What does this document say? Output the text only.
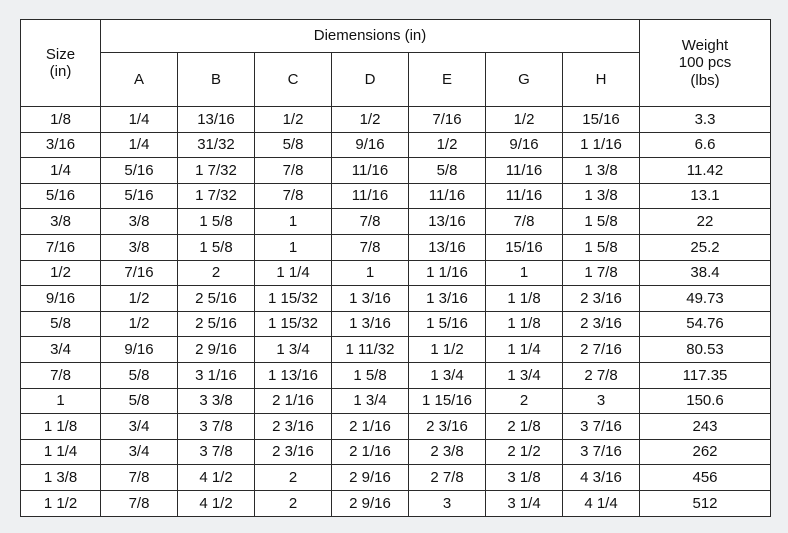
Size
(in)	Diemensions (in)							Weight
100 pcs
(lbs)
	A	B	C	D	E	G	H	
1/8	1/4	13/16	1/2	1/2	7/16	1/2	15/16	3.3
3/16	1/4	31/32	5/8	9/16	1/2	9/16	1 1/16	6.6
1/4	5/16	1 7/32	7/8	11/16	5/8	11/16	1 3/8	11.42
5/16	5/16	1 7/32	7/8	11/16	11/16	11/16	1 3/8	13.1
3/8	3/8	1 5/8	1	7/8	13/16	7/8	1 5/8	22
7/16	3/8	1 5/8	1	7/8	13/16	15/16	1 5/8	25.2
1/2	7/16	2	1 1/4	1	1 1/16	1	1 7/8	38.4
9/16	1/2	2 5/16	1 15/32	1 3/16	1 3/16	1 1/8	2 3/16	49.73
5/8	1/2	2 5/16	1 15/32	1 3/16	1 5/16	1 1/8	2 3/16	54.76
3/4	9/16	2 9/16	1 3/4	1 11/32	1 1/2	1 1/4	2 7/16	80.53
7/8	5/8	3 1/16	1 13/16	1 5/8	1 3/4	1 3/4	2 7/8	117.35
1	5/8	3 3/8	2 1/16	1 3/4	1 15/16	2	3	150.6
1 1/8	3/4	3 7/8	2 3/16	2 1/16	2 3/16	2 1/8	3 7/16	243
1 1/4	3/4	3 7/8	2 3/16	2 1/16	2 3/8	2 1/2	3 7/16	262
1 3/8	7/8	4 1/2	2	2 9/16	2 7/8	3 1/8	4 3/16	456
1 1/2	7/8	4 1/2	2	2 9/16	3	3 1/4	4 1/4	512
